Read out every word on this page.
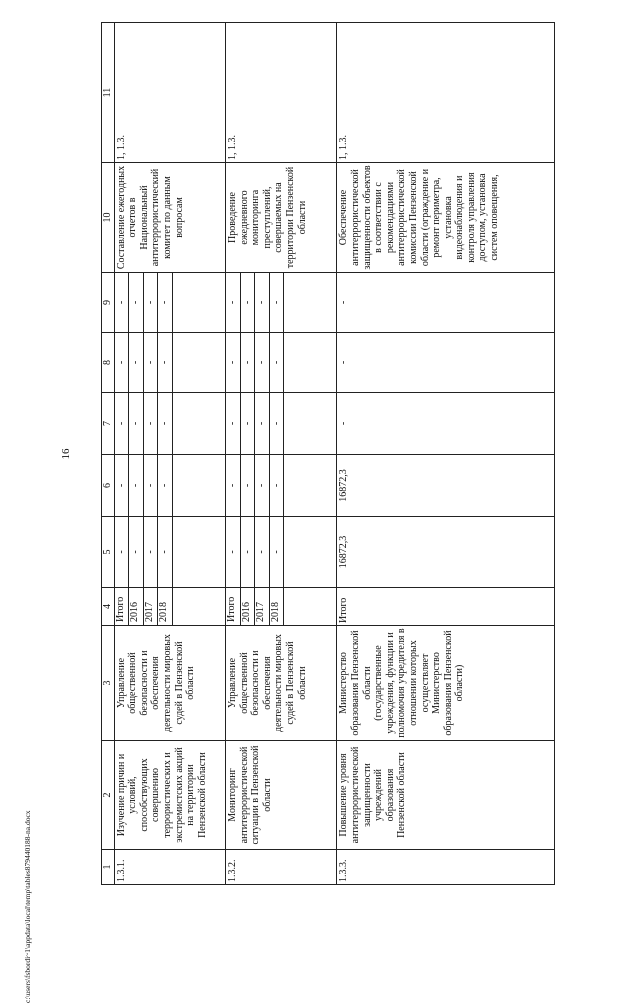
16
c:\users\fsbordi~1\appdata\local\temp\tables879440188-na.docx	1	2	3	4	5	6	7	8	9	10	11
1.3.1.	Изучение причин и условий, способствующих совершению террористических и экстремистских акций на территории Пензенской области	Управление общественной безопасности и обеспечения деятельности мировых судей в Пензенской области	Итого	-	-	-	-	-	Составление ежегодных отчетов в Национальный антитеррористический комитет по данным вопросам	1, 1.3.
			2016	-	-	-	-	-		
			2017	-	-	-	-	-		
			2018	-	-	-	-	-		

1.3.2.	Мониторинг антитеррористической ситуации в Пензенской области	Управление общественной безопасности и обеспечения деятельности мировых судей в Пензенской области	Итого	-	-	-	-	-	Проведение ежедневного мониторинга преступлений, совершаемых на территории Пензенской области	1, 1.3.
			2016	-	-	-	-	-		
			2017	-	-	-	-	-		
			2018	-	-	-	-	-		

1.3.3.	Повышение уровня антитеррористической защищенности учреждений образования Пензенской области	Министерство образования Пензенской области (государственные учреждения, функции и полномочия учредителя в отношении которых осуществляет Министерство образования Пензенской области)	Итого	16872,3	16872,3	-	-	-	Обеспечение антитеррористической защищенности объектов в соответствии с рекомендациями антитеррористической комиссии Пензенской области (ограждение и ремонт периметра, установка видеонаблюдения и контроля управления доступом, установка систем оповещения,	1, 1.3.
